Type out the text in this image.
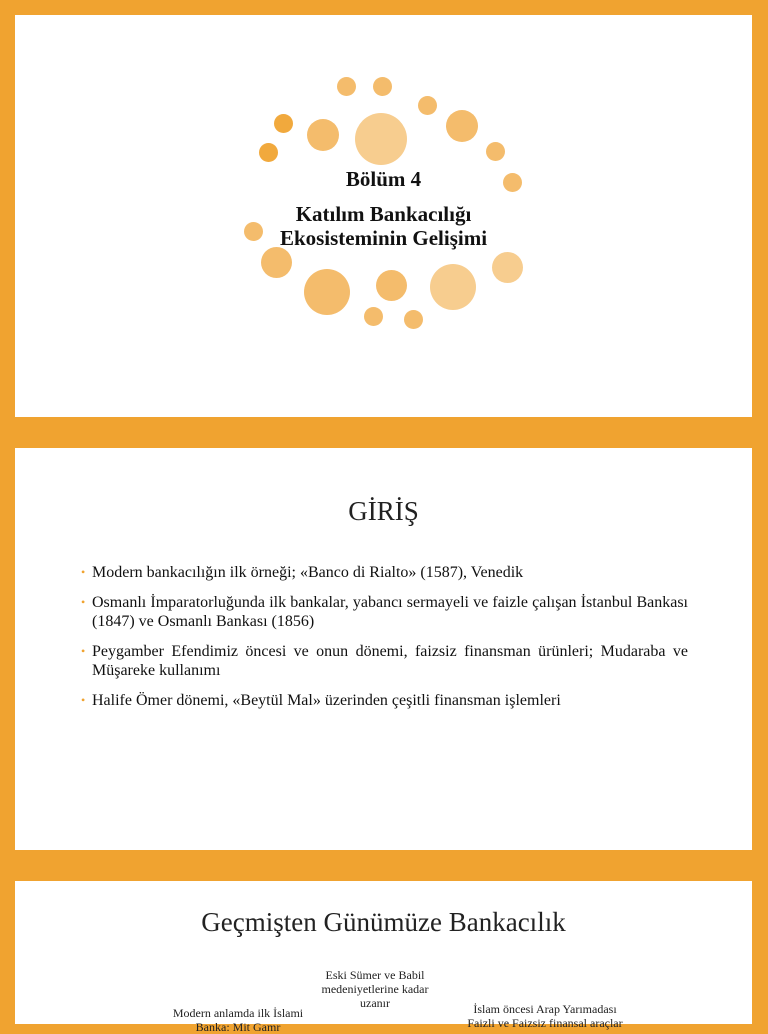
Bölüm 4
Katılım Bankacılığı
Ekosisteminin Gelişimi
GİRİŞ
• Modern bankacılığın ilk örneği; «Banco di Rialto» (1587), Venedik
• Osmanlı İmparatorluğunda ilk bankalar, yabancı sermayeli ve faizle çalışan İstanbul Bankası (1847) ve Osmanlı Bankası (1856)
• Peygamber Efendimiz öncesi ve onun dönemi, faizsiz finansman ürünleri; Mudaraba ve Müşareke kullanımı
• Halife Ömer dönemi, «Beytül Mal» üzerinden çeşitli finansman işlemleri
Geçmişten Günümüze Bankacılık
Eski Sümer ve Babil medeniyetlerine kadar uzanır
Modern anlamda ilk İslami
Banka: Mit Gamr
İslam öncesi Arap Yarımadası
Faizli ve Faizsiz finansal araçlar
